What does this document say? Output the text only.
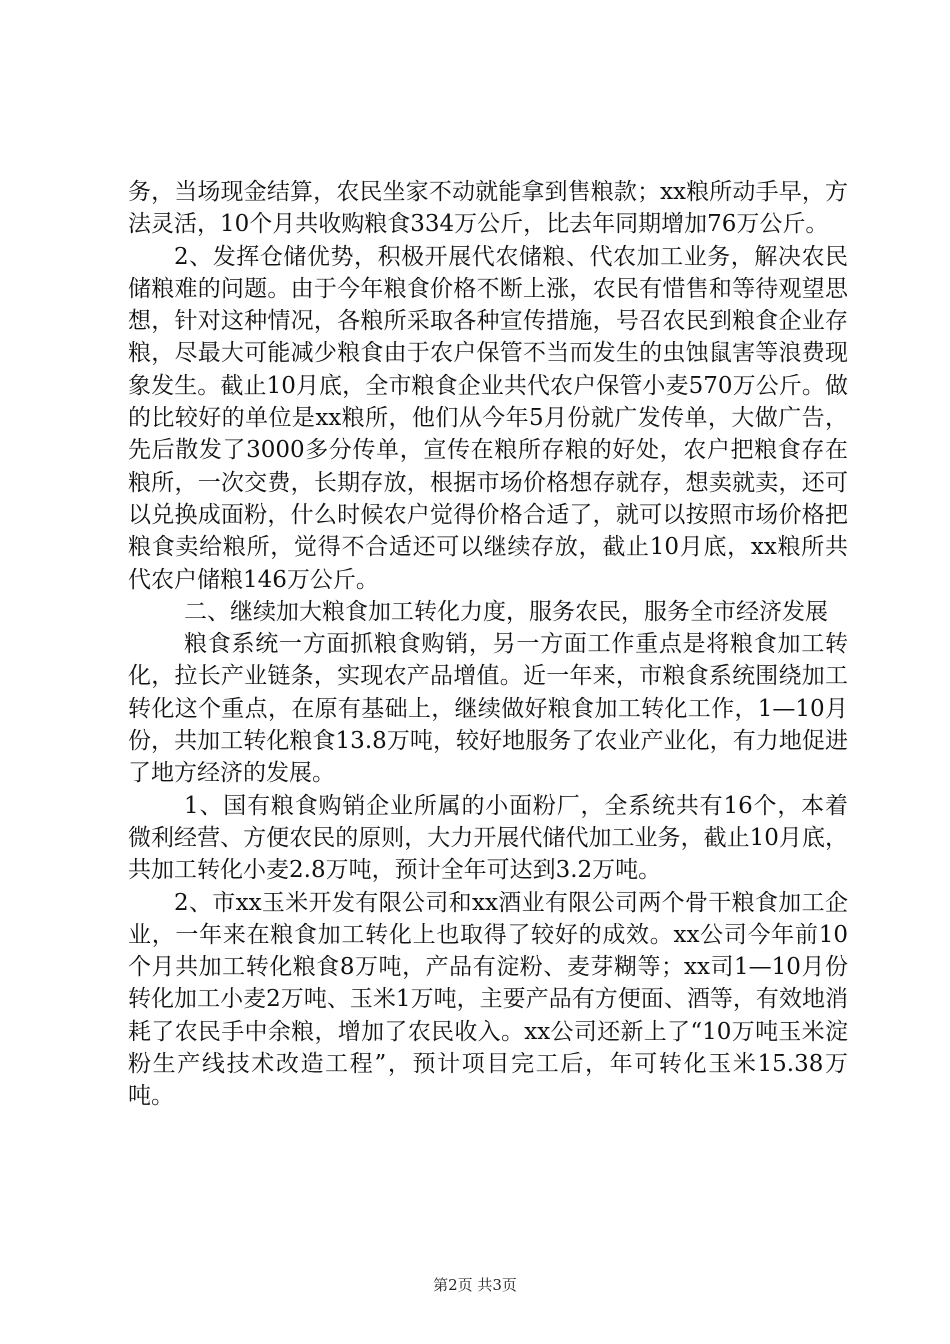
务，当场现金结算，农民坐家不动就能拿到售粮款；xx粮所动手早，方法灵活，10个月共收购粮食334万公斤，比去年同期增加76万公斤。

2、发挥仓储优势，积极开展代农储粮、代农加工业务，解决农民储粮难的问题。由于今年粮食价格不断上涨，农民有惜售和等待观望思想，针对这种情况，各粮所采取各种宣传措施，号召农民到粮食企业存粮，尽最大可能减少粮食由于农户保管不当而发生的虫蚀鼠害等浪费现象发生。截止10月底，全市粮食企业共代农户保管小麦570万公斤。做的比较好的单位是xx粮所，他们从今年5月份就广发传单，大做广告，先后散发了3000多分传单，宣传在粮所存粮的好处，农户把粮食存在粮所，一次交费，长期存放，根据市场价格想存就存，想卖就卖，还可以兑换成面粉，什么时候农户觉得价格合适了，就可以按照市场价格把粮食卖给粮所，觉得不合适还可以继续存放，截止10月底，xx粮所共代农户储粮146万公斤。

二、继续加大粮食加工转化力度，服务农民，服务全市经济发展

粮食系统一方面抓粮食购销，另一方面工作重点是将粮食加工转化，拉长产业链条，实现农产品增值。近一年来，市粮食系统围绕加工转化这个重点，在原有基础上，继续做好粮食加工转化工作，1—10月份，共加工转化粮食13.8万吨，较好地服务了农业产业化，有力地促进了地方经济的发展。

1、国有粮食购销企业所属的小面粉厂，全系统共有16个，本着微利经营、方便农民的原则，大力开展代储代加工业务，截止10月底，共加工转化小麦2.8万吨，预计全年可达到3.2万吨。

2、市xx玉米开发有限公司和xx酒业有限公司两个骨干粮食加工企业，一年来在粮食加工转化上也取得了较好的成效。xx公司今年前10个月共加工转化粮食8万吨，产品有淀粉、麦芽糊等；xx司1—10月份转化加工小麦2万吨、玉米1万吨，主要产品有方便面、酒等，有效地消耗了农民手中余粮，增加了农民收入。xx公司还新上了“10万吨玉米淀粉生产线技术改造工程”，预计项目完工后，年可转化玉米15.38万吨。

第2页 共3页
